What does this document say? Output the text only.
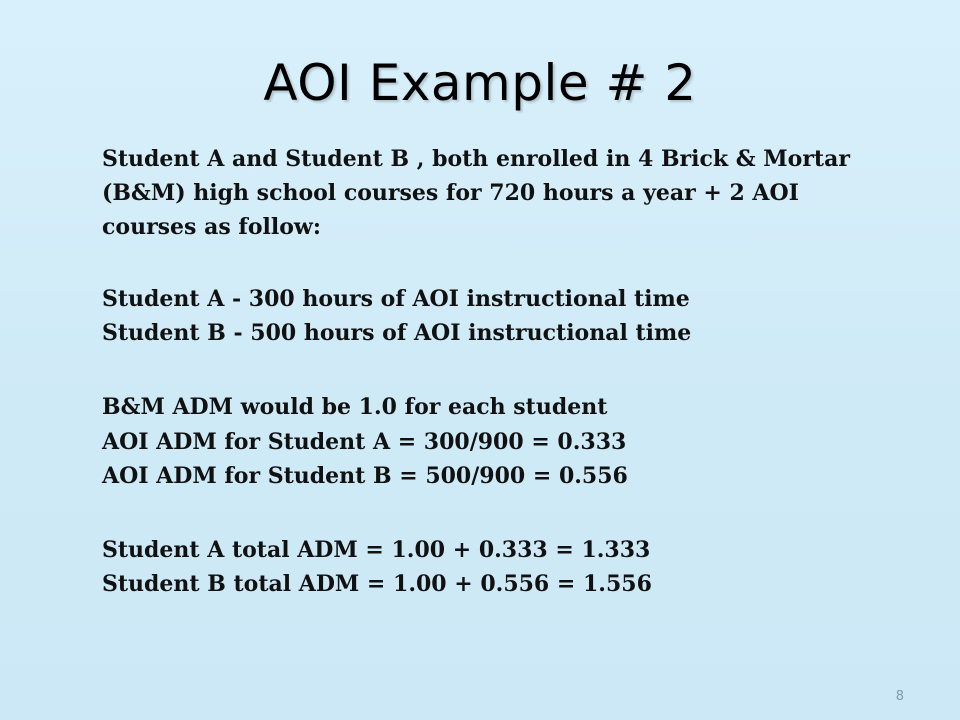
AOI Example # 2

Student A and Student B , both enrolled in 4 Brick & Mortar
(B&M) high school courses for 720 hours a year + 2 AOI
courses as follow:

Student A - 300 hours of AOI instructional time
Student B - 500 hours of AOI instructional time
B&M ADM would be 1.0 for each student
AOI ADM for Student A = 300/900 = 0.333
AOI ADM for Student B = 500/900 = 0.556
Student A total ADM = 1.00 + 0.333 = 1.333
Student B total ADM = 1.00 + 0.556 = 1.556
8
